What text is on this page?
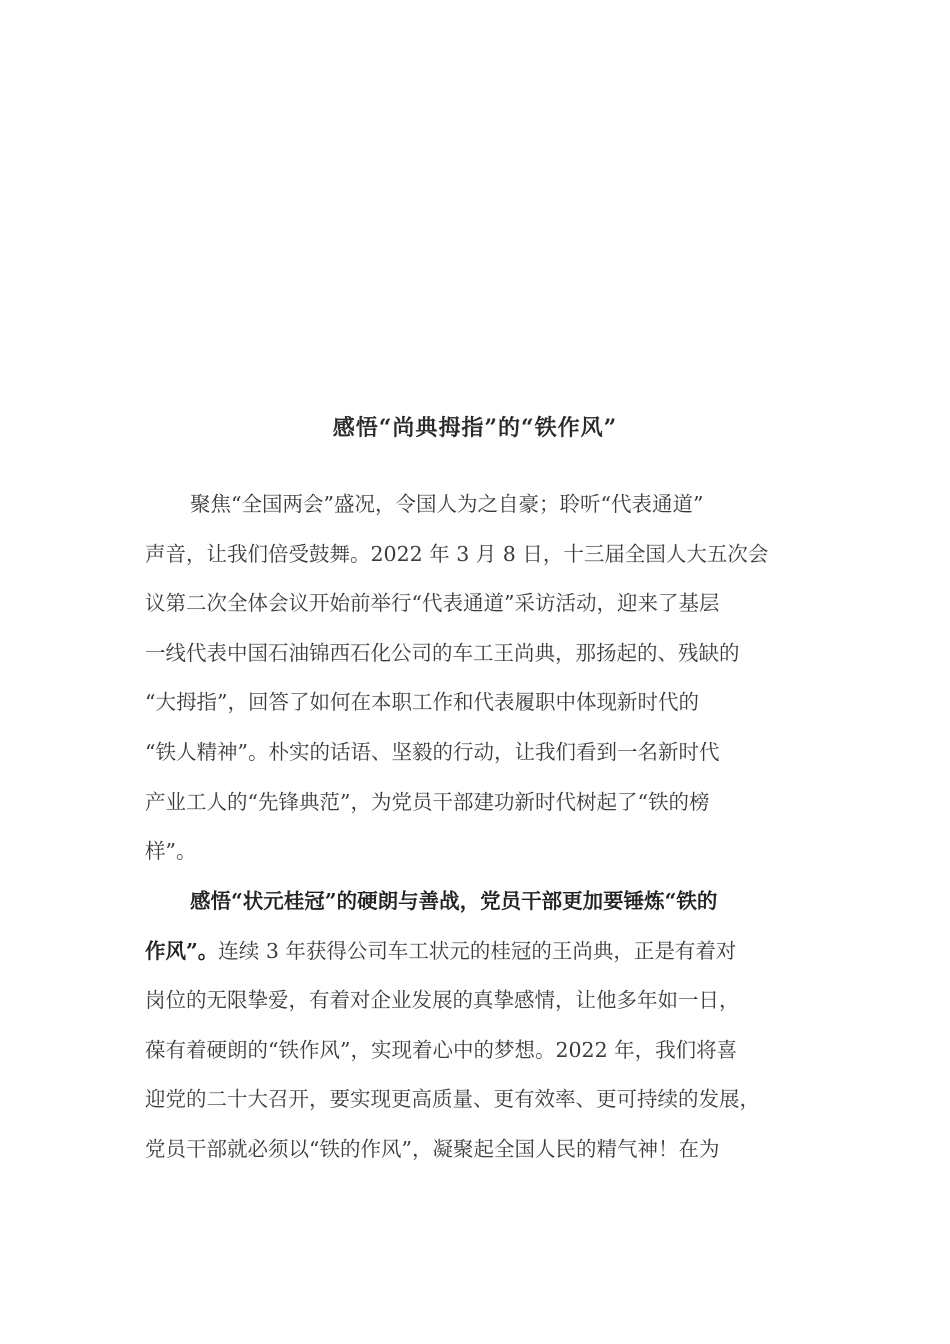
感悟“尚典拇指”的“铁作风”
聚焦“全国两会”盛况，令国人为之自豪；聆听“代表通道”
声音，让我们倍受鼓舞。2022 年 3 月 8 日，十三届全国人大五次会
议第二次全体会议开始前举行“代表通道”采访活动，迎来了基层
一线代表中国石油锦西石化公司的车工王尚典，那扬起的、残缺的
“大拇指”，回答了如何在本职工作和代表履职中体现新时代的
“铁人精神”。朴实的话语、坚毅的行动，让我们看到一名新时代
产业工人的“先锋典范”，为党员干部建功新时代树起了“铁的榜
样”。
感悟“状元桂冠”的硬朗与善战，党员干部更加要锤炼“铁的
作风”。连续 3 年获得公司车工状元的桂冠的王尚典，正是有着对
岗位的无限挚爱，有着对企业发展的真挚感情，让他多年如一日，
葆有着硬朗的“铁作风”，实现着心中的梦想。2022 年，我们将喜
迎党的二十大召开，要实现更高质量、更有效率、更可持续的发展，
党员干部就必须以“铁的作风”，凝聚起全国人民的精气神！在为
